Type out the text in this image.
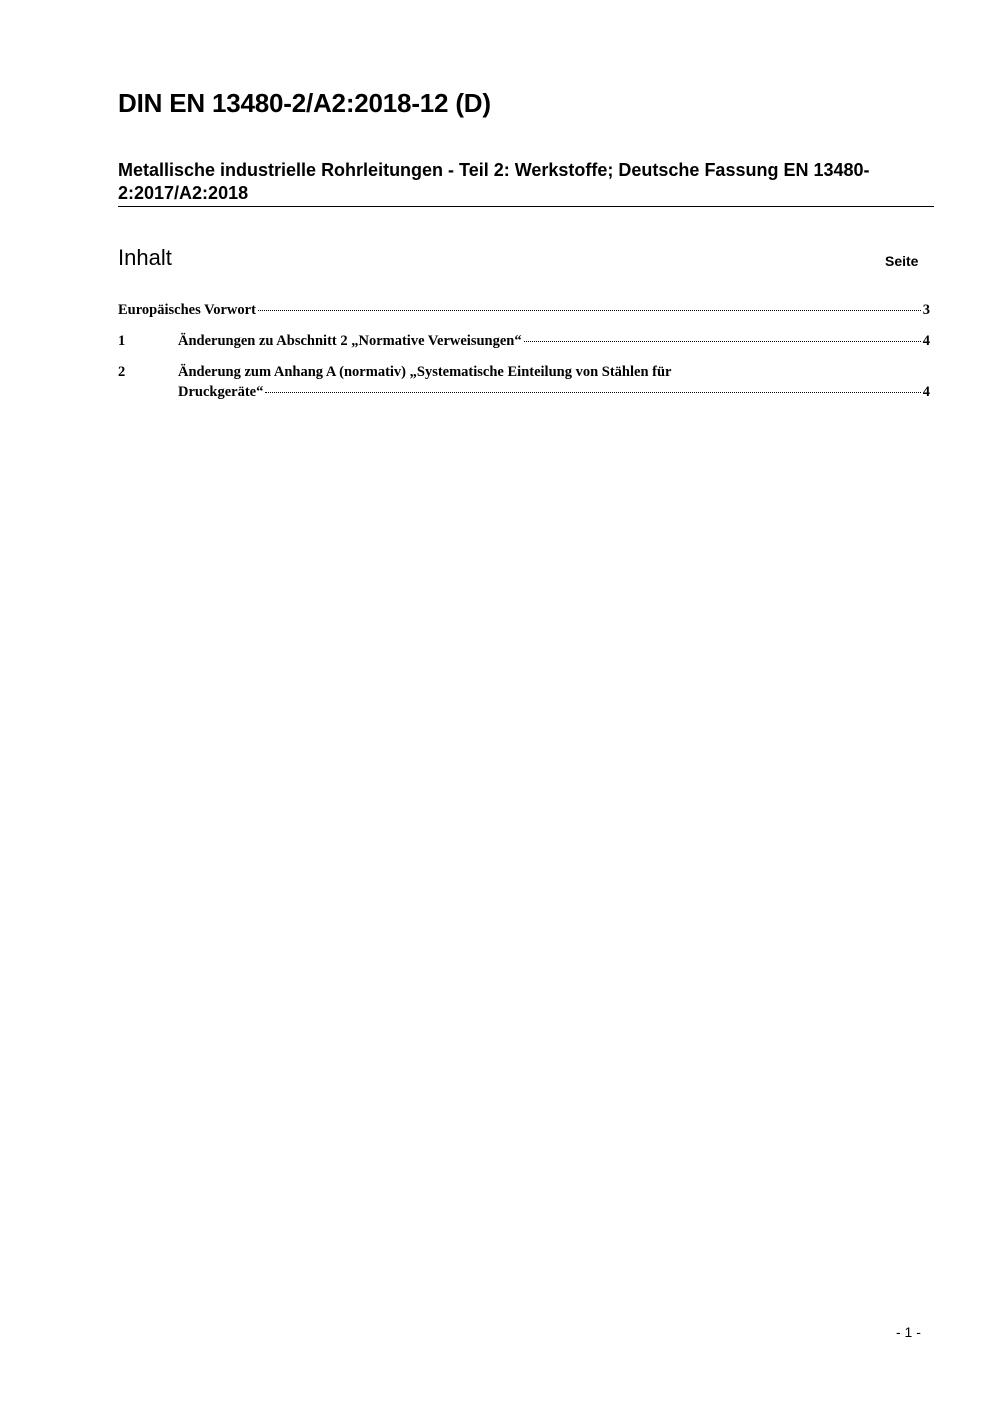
DIN EN 13480-2/A2:2018-12 (D)
Metallische industrielle Rohrleitungen - Teil 2: Werkstoffe; Deutsche Fassung EN 13480-2:2017/A2:2018
Inhalt	Seite
Europäisches Vorwort	3
1	Änderungen zu Abschnitt 2 „Normative Verweisungen“	4
2	Änderung zum Anhang A (normativ) „Systematische Einteilung von Stählen für
Druckgeräte“	4
- 1 -
